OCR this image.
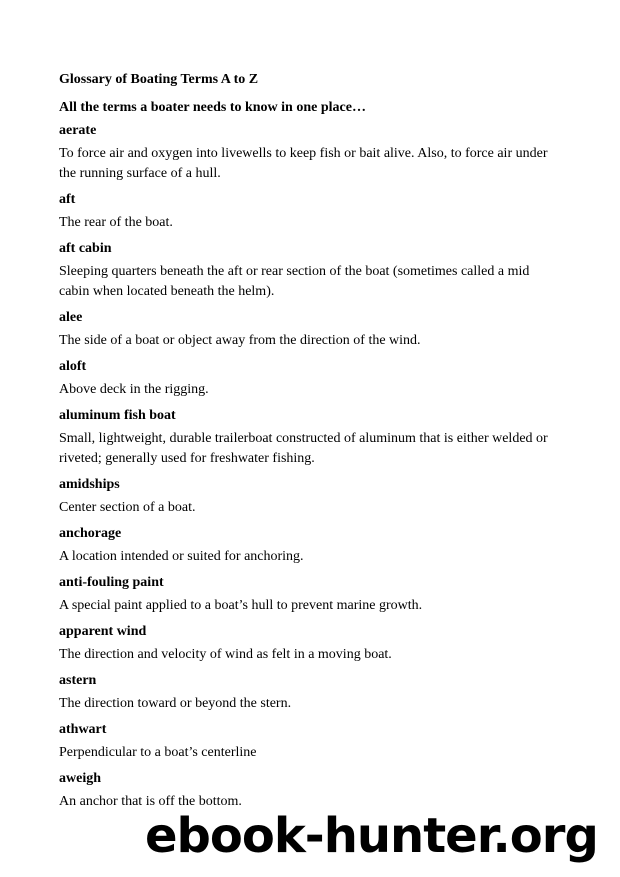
Glossary of Boating Terms A to Z

All the terms a boater needs to know in one place…

aerate

To force air and oxygen into livewells to keep fish or bait alive. Also, to force air under the running surface of a hull.

aft

The rear of the boat.

aft cabin

Sleeping quarters beneath the aft or rear section of the boat (sometimes called a mid cabin when located beneath the helm).

alee

The side of a boat or object away from the direction of the wind.

aloft

Above deck in the rigging.

aluminum fish boat

Small, lightweight, durable trailerboat constructed of aluminum that is either welded or riveted; generally used for freshwater fishing.

amidships

Center section of a boat.

anchorage

A location intended or suited for anchoring.

anti-fouling paint

A special paint applied to a boat’s hull to prevent marine growth.

apparent wind

The direction and velocity of wind as felt in a moving boat.

astern

The direction toward or beyond the stern.

athwart

Perpendicular to a boat’s centerline

aweigh

An anchor that is off the bottom.

ebook-hunter.org
